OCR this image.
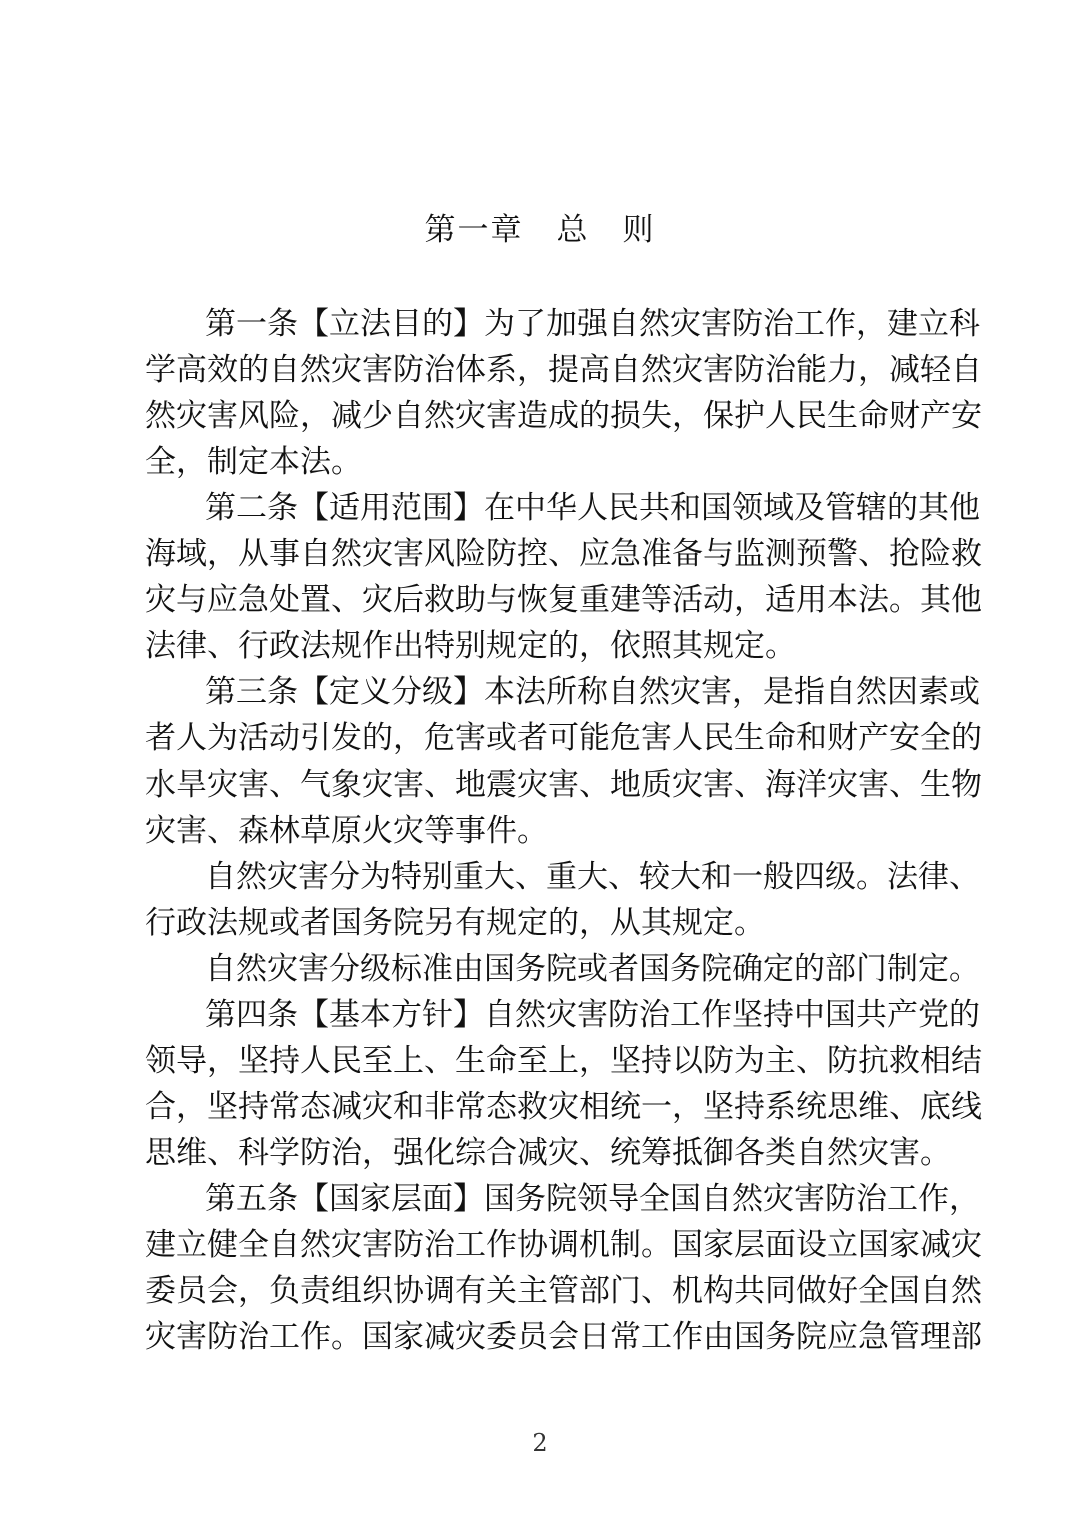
第一章　总　则
第一条【立法目的】为了加强自然灾害防治工作，建立科
学高效的自然灾害防治体系，提高自然灾害防治能力，减轻自
然灾害风险，减少自然灾害造成的损失，保护人民生命财产安
全，制定本法。
第二条【适用范围】在中华人民共和国领域及管辖的其他
海域，从事自然灾害风险防控、应急准备与监测预警、抢险救
灾与应急处置、灾后救助与恢复重建等活动，适用本法。其他
法律、行政法规作出特别规定的，依照其规定。
第三条【定义分级】本法所称自然灾害，是指自然因素或
者人为活动引发的，危害或者可能危害人民生命和财产安全的
水旱灾害、气象灾害、地震灾害、地质灾害、海洋灾害、生物
灾害、森林草原火灾等事件。
自然灾害分为特别重大、重大、较大和一般四级。法律、
行政法规或者国务院另有规定的，从其规定。
自然灾害分级标准由国务院或者国务院确定的部门制定。
第四条【基本方针】自然灾害防治工作坚持中国共产党的
领导，坚持人民至上、生命至上，坚持以防为主、防抗救相结
合，坚持常态减灾和非常态救灾相统一，坚持系统思维、底线
思维、科学防治，强化综合减灾、统筹抵御各类自然灾害。
第五条【国家层面】国务院领导全国自然灾害防治工作，
建立健全自然灾害防治工作协调机制。国家层面设立国家减灾
委员会，负责组织协调有关主管部门、机构共同做好全国自然
灾害防治工作。国家减灾委员会日常工作由国务院应急管理部
2
